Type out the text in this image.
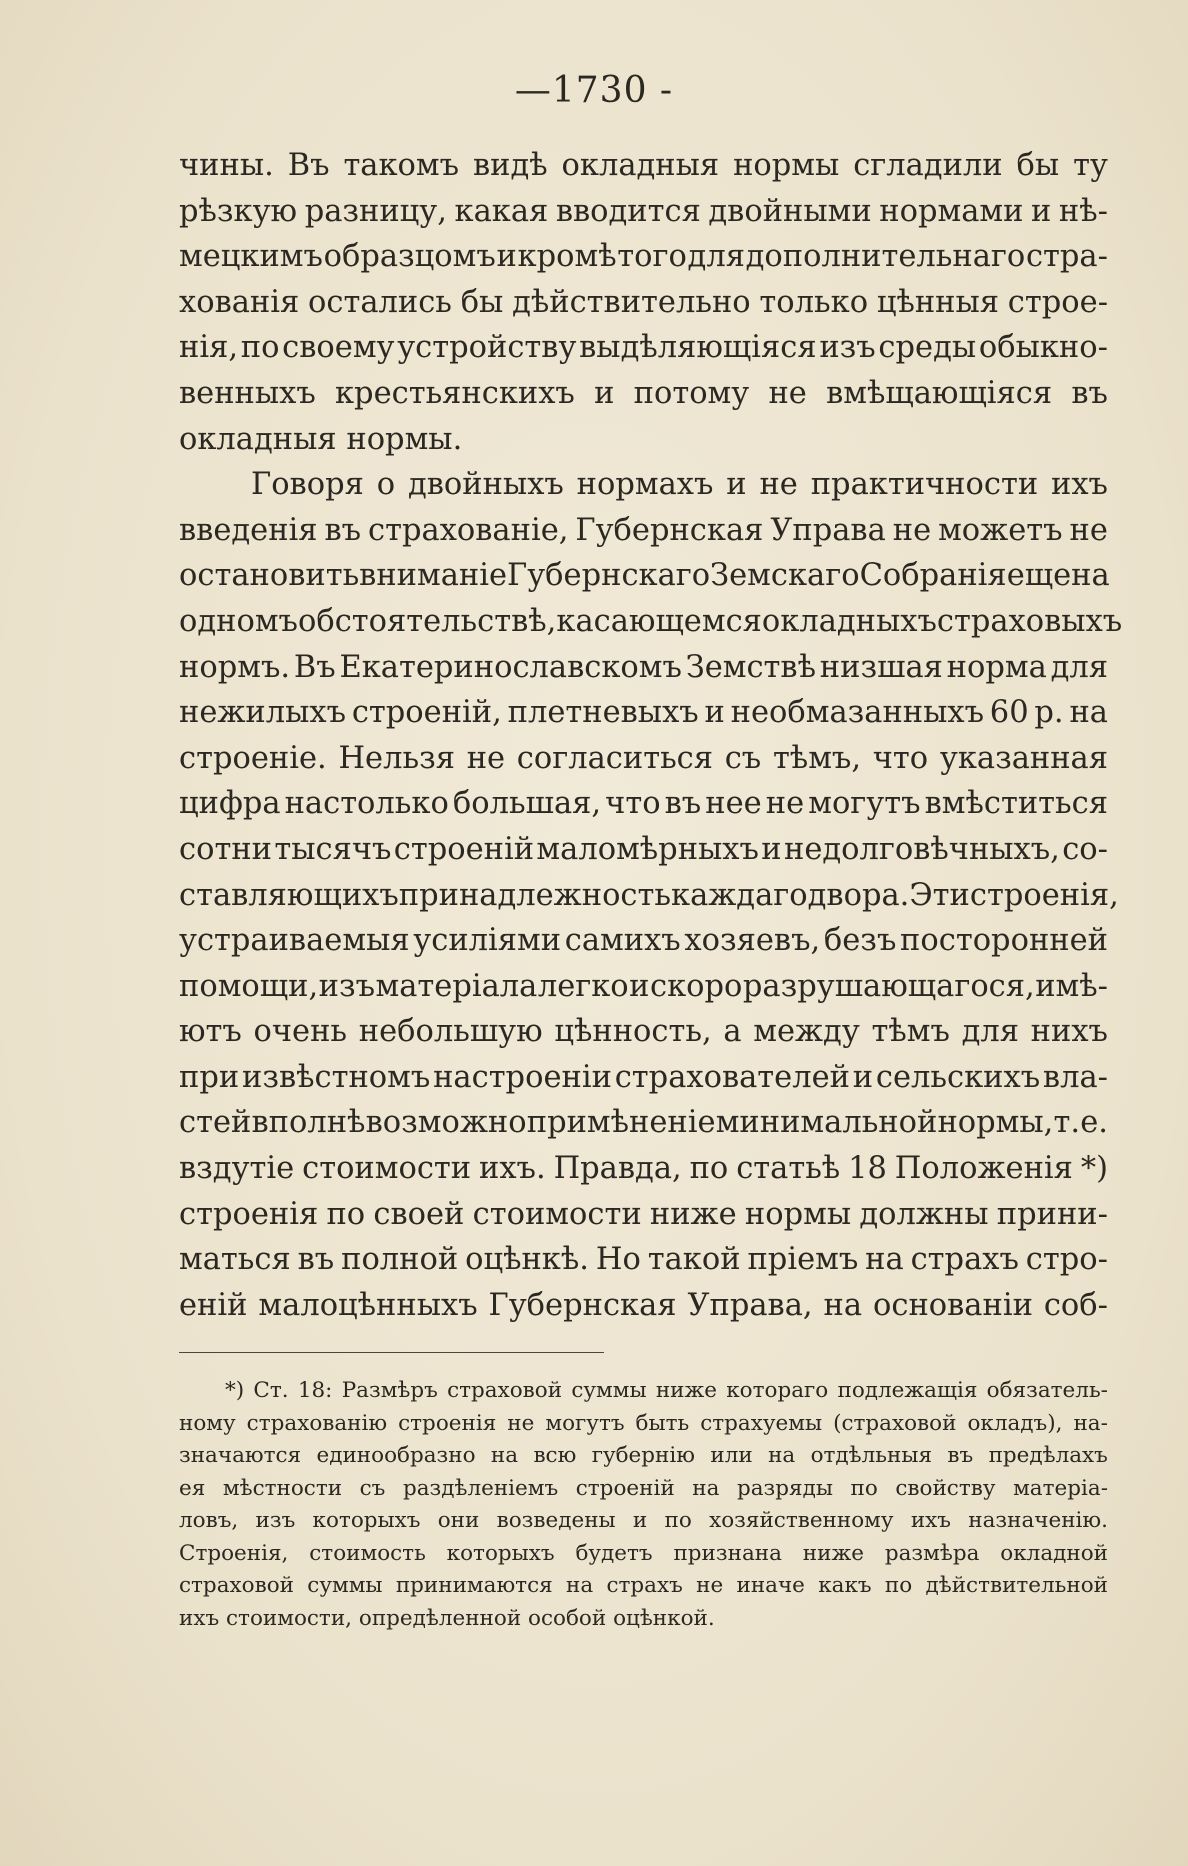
—1730 -
чины. Въ такомъ видѣ окладныя нормы сгладили бы ту
рѣзкую разницу, какая вводится двойными нормами и нѣ-
мецкимъ образцомъ и кромѣ того для дополнительнаго стра-
хованія остались бы дѣйствительно только цѣнныя строе-
нія, по своему устройству выдѣляющіяся изъ среды обыкно-
венныхъ крестьянскихъ и потому не вмѣщающіяся въ
окладныя нормы.
Говоря о двойныхъ нормахъ и не практичности ихъ
введенія въ страхованіе, Губернская Управа не можетъ не
остановить вниманіе Губернскаго Земскаго Собранія еще на
одномъ обстоятельствѣ, касающемся окладныхъ страховыхъ
нормъ. Въ Екатеринославскомъ Земствѣ низшая норма для
нежилыхъ строеній, плетневыхъ и необмазанныхъ 60 р. на
строеніе. Нельзя не согласиться съ тѣмъ, что указанная
цифра настолько большая, что въ нее не могутъ вмѣститься
сотни тысячъ строеній маломѣрныхъ и недолговѣчныхъ, со-
ставляющихъ принадлежность каждаго двора. Эти строенія,
устраиваемыя усиліями самихъ хозяевъ, безъ посторонней
помощи, изъ матеріала легко и скоро разрушающагося, имѣ-
ютъ очень небольшую цѣнность, а между тѣмъ для нихъ
при извѣстномъ настроеніи страхователей и сельскихъ вла-
стей вполнѣ возможно примѣненіе минимальной нормы, т. е.
вздутіе стоимости ихъ. Правда, по статьѣ 18 Положенія *)
строенія по своей стоимости ниже нормы должны прини-
маться въ полной оцѣнкѣ. Но такой пріемъ на страхъ стро-
еній малоцѣнныхъ Губернская Управа, на основаніи соб-
*) Ст. 18: Размѣръ страховой суммы ниже котораго подлежащія обязатель-
ному страхованію строенія не могутъ быть страхуемы (страховой окладъ), на-
значаются единообразно на всю губернію или на отдѣльныя въ предѣлахъ
ея мѣстности съ раздѣленіемъ строеній на разряды по свойству матеріа-
ловъ, изъ которыхъ они возведены и по хозяйственному ихъ назначенію.
Строенія, стоимость которыхъ будетъ признана ниже размѣра окладной
страховой суммы принимаются на страхъ не иначе какъ по дѣйствительной
ихъ стоимости, опредѣленной особой оцѣнкой.
